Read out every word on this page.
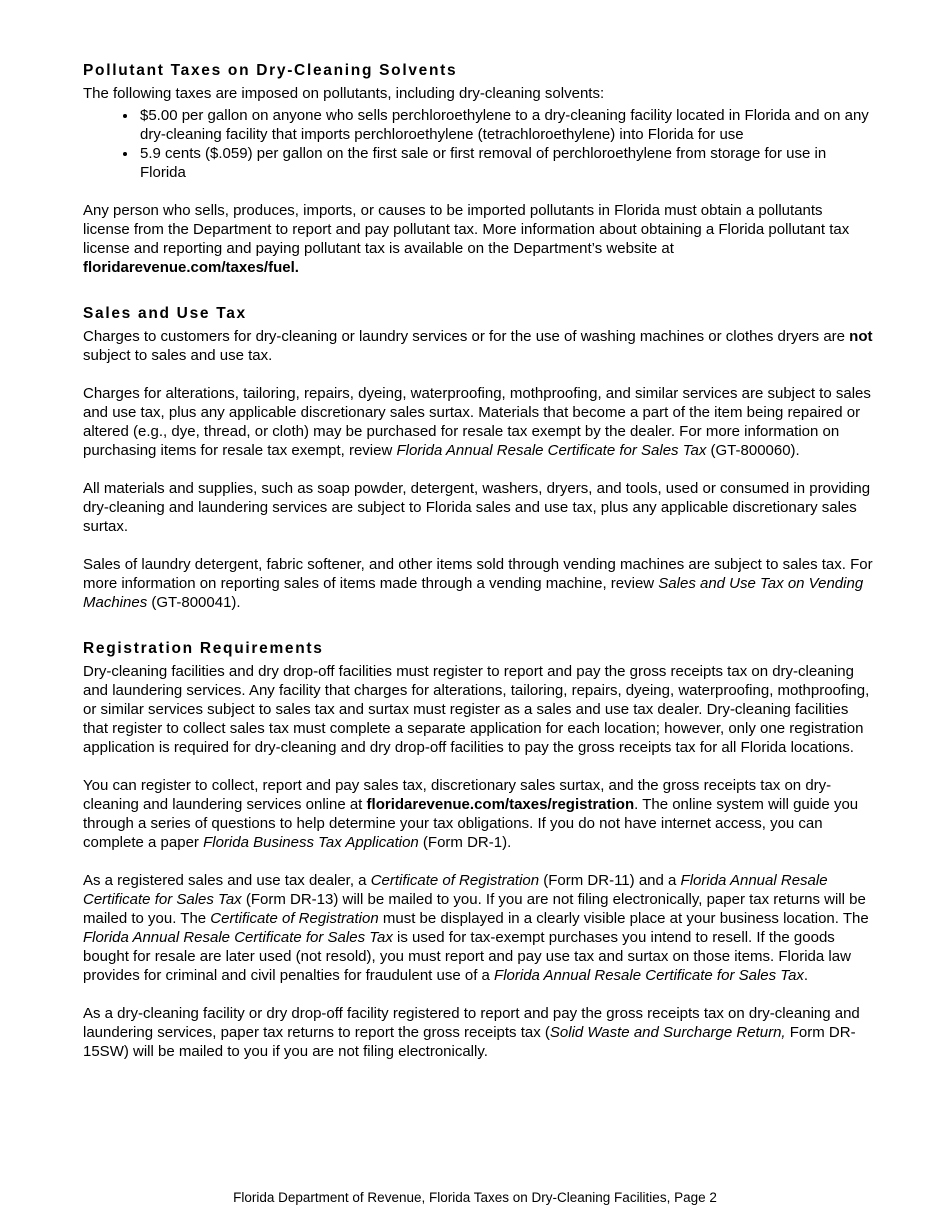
Pollutant Taxes on Dry-Cleaning Solvents

The following taxes are imposed on pollutants, including dry-cleaning solvents:

• $5.00 per gallon on anyone who sells perchloroethylene to a dry-cleaning facility located in Florida and on any dry-cleaning facility that imports perchloroethylene (tetrachloroethylene) into Florida for use
• 5.9 cents ($.059) per gallon on the first sale or first removal of perchloroethylene from storage for use in Florida

Any person who sells, produces, imports, or causes to be imported pollutants in Florida must obtain a pollutants license from the Department to report and pay pollutant tax. More information about obtaining a Florida pollutant tax license and reporting and paying pollutant tax is available on the Department’s website at floridarevenue.com/taxes/fuel.

Sales and Use Tax

Charges to customers for dry-cleaning or laundry services or for the use of washing machines or clothes dryers are not subject to sales and use tax.

Charges for alterations, tailoring, repairs, dyeing, waterproofing, mothproofing, and similar services are subject to sales and use tax, plus any applicable discretionary sales surtax. Materials that become a part of the item being repaired or altered (e.g., dye, thread, or cloth) may be purchased for resale tax exempt by the dealer. For more information on purchasing items for resale tax exempt, review Florida Annual Resale Certificate for Sales Tax (GT-800060).

All materials and supplies, such as soap powder, detergent, washers, dryers, and tools, used or consumed in providing dry-cleaning and laundering services are subject to Florida sales and use tax, plus any applicable discretionary sales surtax.

Sales of laundry detergent, fabric softener, and other items sold through vending machines are subject to sales tax. For more information on reporting sales of items made through a vending machine, review Sales and Use Tax on Vending Machines (GT-800041).

Registration Requirements

Dry-cleaning facilities and dry drop-off facilities must register to report and pay the gross receipts tax on dry-cleaning and laundering services. Any facility that charges for alterations, tailoring, repairs, dyeing, waterproofing, mothproofing, or similar services subject to sales tax and surtax must register as a sales and use tax dealer. Dry-cleaning facilities that register to collect sales tax must complete a separate application for each location; however, only one registration application is required for dry-cleaning and dry drop-off facilities to pay the gross receipts tax for all Florida locations.

You can register to collect, report and pay sales tax, discretionary sales surtax, and the gross receipts tax on dry-cleaning and laundering services online at floridarevenue.com/taxes/registration. The online system will guide you through a series of questions to help determine your tax obligations. If you do not have internet access, you can complete a paper Florida Business Tax Application (Form DR-1).

As a registered sales and use tax dealer, a Certificate of Registration (Form DR-11) and a Florida Annual Resale Certificate for Sales Tax (Form DR-13) will be mailed to you. If you are not filing electronically, paper tax returns will be mailed to you. The Certificate of Registration must be displayed in a clearly visible place at your business location. The Florida Annual Resale Certificate for Sales Tax is used for tax-exempt purchases you intend to resell. If the goods bought for resale are later used (not resold), you must report and pay use tax and surtax on those items. Florida law provides for criminal and civil penalties for fraudulent use of a Florida Annual Resale Certificate for Sales Tax.

As a dry-cleaning facility or dry drop-off facility registered to report and pay the gross receipts tax on dry-cleaning and laundering services, paper tax returns to report the gross receipts tax (Solid Waste and Surcharge Return, Form DR-15SW) will be mailed to you if you are not filing electronically.

Florida Department of Revenue, Florida Taxes on Dry-Cleaning Facilities, Page 2
